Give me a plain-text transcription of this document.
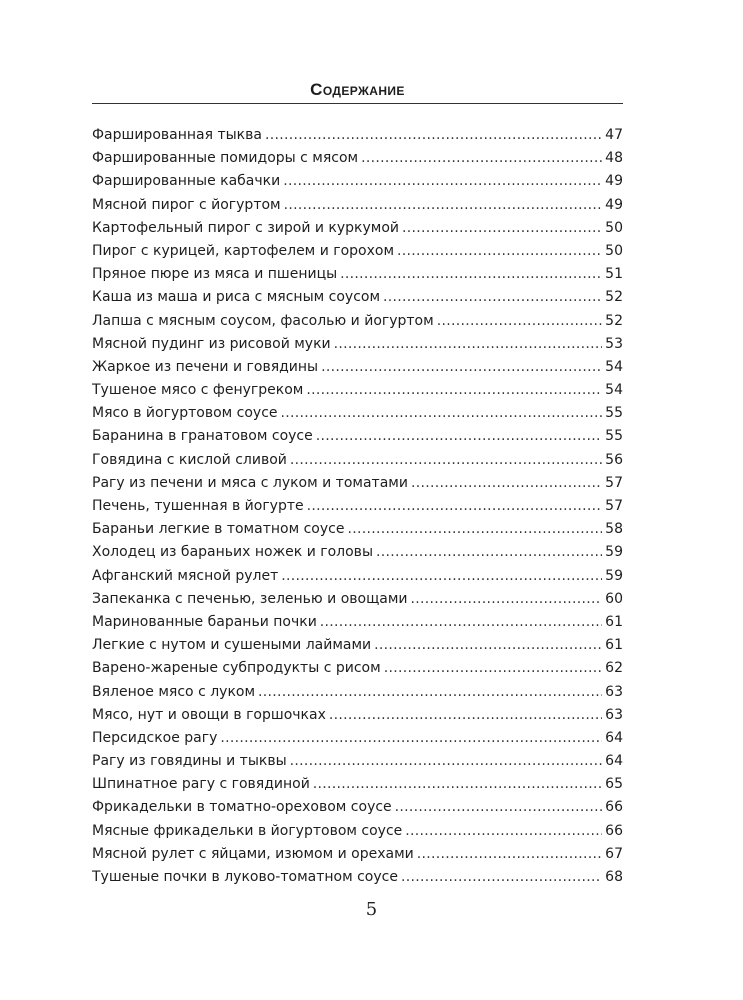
Содержание
Фаршированная тыква .....	47
Фаршированные помидоры с мясом .....	48
Фаршированные кабачки .....	49
Мясной пирог с йогуртом .....	49
Картофельный пирог с зирой и куркумой .....	50
Пирог с курицей, картофелем и горохом .....	50
Пряное пюре из мяса и пшеницы .....	51
Каша из маша и риса с мясным соусом .....	52
Лапша с мясным соусом, фасолью и йогуртом .....	52
Мясной пудинг из рисовой муки .....	53
Жаркое из печени и говядины .....	54
Тушеное мясо с фенугреком .....	54
Мясо в йогуртовом соусе .....	55
Баранина в гранатовом соусе .....	55
Говядина с кислой сливой .....	56
Рагу из печени и мяса с луком и томатами .....	57
Печень, тушенная в йогурте .....	57
Бараньи легкие в томатном соусе .....	58
Холодец из бараньих ножек и головы .....	59
Афганский мясной рулет .....	59
Запеканка с печенью, зеленью и овощами .....	60
Маринованные бараньи почки .....	61
Легкие с нутом и сушеными лаймами .....	61
Варено-жареные субпродукты с рисом .....	62
Вяленое мясо с луком .....	63
Мясо, нут и овощи в горшочках .....	63
Персидское рагу .....	64
Рагу из говядины и тыквы .....	64
Шпинатное рагу с говядиной .....	65
Фрикадельки в томатно-ореховом соусе .....	66
Мясные фрикадельки в йогуртовом соусе .....	66
Мясной рулет с яйцами, изюмом и орехами .....	67
Тушеные почки в луково-томатном соусе .....	68
5
